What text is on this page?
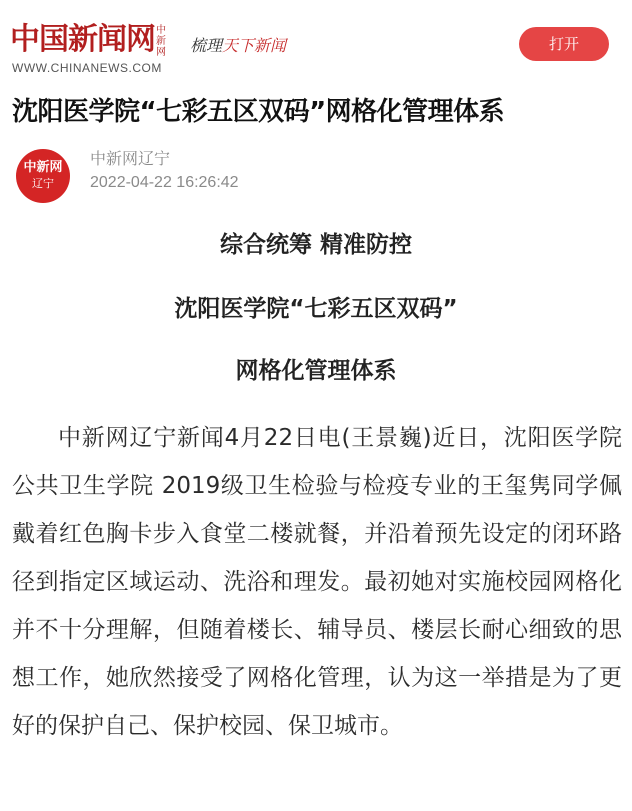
中国新闻网 中新网
WWW.CHINANEWS.COM
梳理天下新闻	打开
沈阳医学院“七彩五区双码”网格化管理体系
中新网
辽宁
中新网辽宁
2022-04-22 16:26:42
综合统筹 精准防控
沈阳医学院“七彩五区双码”
网格化管理体系

中新网辽宁新闻4月22日电(王景巍)近日，沈阳医学院公共卫生学院 2019级卫生检验与检疫专业的王玺隽同学佩戴着红色胸卡步入食堂二楼就餐，并沿着预先设定的闭环路径到指定区域运动、洗浴和理发。最初她对实施校园网格化并不十分理解，但随着楼长、辅导员、楼层长耐心细致的思想工作，她欣然接受了网格化管理，认为这一举措是为了更好的保护自己、保护校园、保卫城市。
